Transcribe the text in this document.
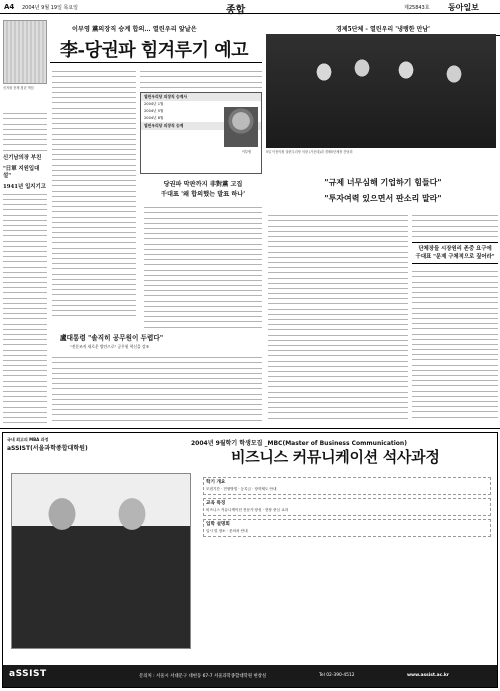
A4 2004년 9월 19일 목요일	종합	제25843호 동아일보
신지원 총재 청년 책임
신기남의장 부친
"日軍 지원입대설"
1941년 입지기고
이부영 黨의장직 승계 합의… 열린우리 앞날은
李-당권파 힘겨루기 예고
열린우리당 의장직 승계사
2004년 1월
2004년 5월
2004년 8월
열린우리당 의장직 승계
이부영
당권파 막판까지 非對黨 고집
千대표 '왜 합의했는 발표 하나'
경제5단체 - 열린우리 '냉랭한 만남'
5일 이종의원 열린우리당 의장 (가운데)과 경제5단체장 간담회
"규제 너무심해 기업하기 힘들다"
"투자여력 있으면서 판소리 말라"
단체장들 시장원리 존중 요구에
千대표 "문제 구체적으로 짚어라"
盧대통령 "솔직히 공무원이 두렵다"
"전문조직 새로운 방안으로" 공무원 혁신을 강조
국내 최고의 MBA 과정
aSSIST(서울과학종합대학원)
2004년 9월학기 학생모집 _MBC(Master of Business Communication)
비즈니스 커뮤니케이션 석사과정
학기 개요
모집기간 · 전형방법 · 등록금 · 장학제도 안내
교육 특징
비즈니스 커뮤니케이션 전문가 양성 · 현장 중심 교과
입학 설명회
일시 및 장소 · 문의처 안내
aSSIST	문의처 : 서울시 서대문구 대현동 67-7 서울과학종합대학원 현창실	Tel 02-390-4512	www.assist.ac.kr
